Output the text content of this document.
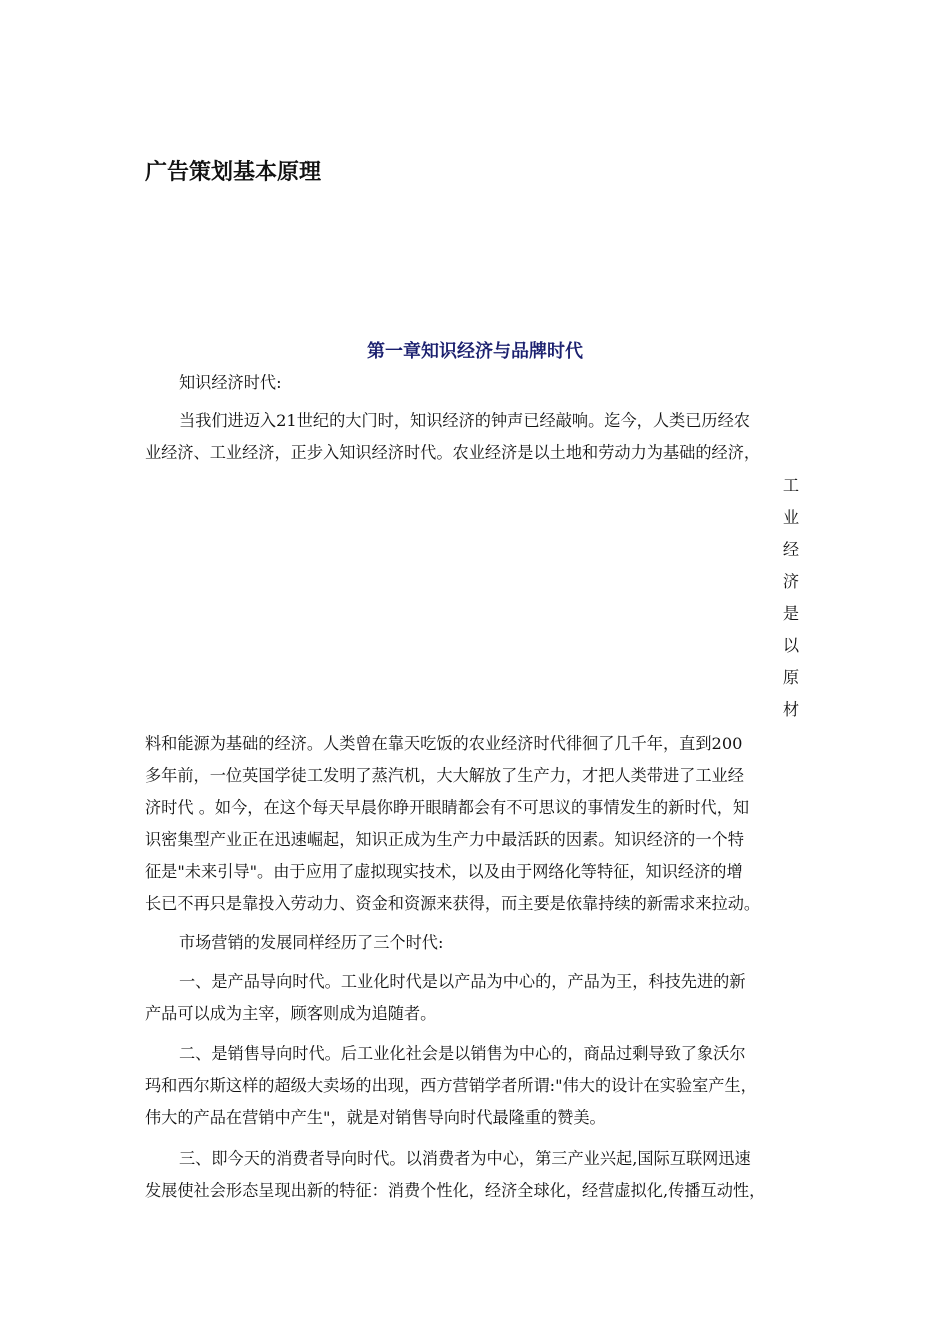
广告策划基本原理
第一章知识经济与品牌时代
知识经济时代:
当我们进迈入21世纪的大门时，知识经济的钟声已经敲响。迄今，人类已历经农
业经济、工业经济，正步入知识经济时代。农业经济是以土地和劳动力为基础的经济，
工
业
经
济
是
以
原
材
料和能源为基础的经济。人类曾在靠天吃饭的农业经济时代徘徊了几千年，直到200
多年前，一位英国学徒工发明了蒸汽机，大大解放了生产力，才把人类带进了工业经
济时代 。如今，在这个每天早晨你睁开眼睛都会有不可思议的事情发生的新时代，知
识密集型产业正在迅速崛起，知识正成为生产力中最活跃的因素。知识经济的一个特
征是"未来引导"。由于应用了虚拟现实技术，以及由于网络化等特征，知识经济的增
长已不再只是靠投入劳动力、资金和资源来获得，而主要是依靠持续的新需求来拉动。
市场营销的发展同样经历了三个时代:
一、是产品导向时代。工业化时代是以产品为中心的，产品为王，科技先进的新
产品可以成为主宰，顾客则成为追随者。
二、是销售导向时代。后工业化社会是以销售为中心的，商品过剩导致了象沃尔
玛和西尔斯这样的超级大卖场的出现，西方营销学者所谓:"伟大的设计在实验室产生，
伟大的产品在营销中产生"，就是对销售导向时代最隆重的赞美。
三、即今天的消费者导向时代。以消费者为中心，第三产业兴起,国际互联网迅速
发展使社会形态呈现出新的特征：消费个性化，经济全球化，经营虚拟化,传播互动性，
